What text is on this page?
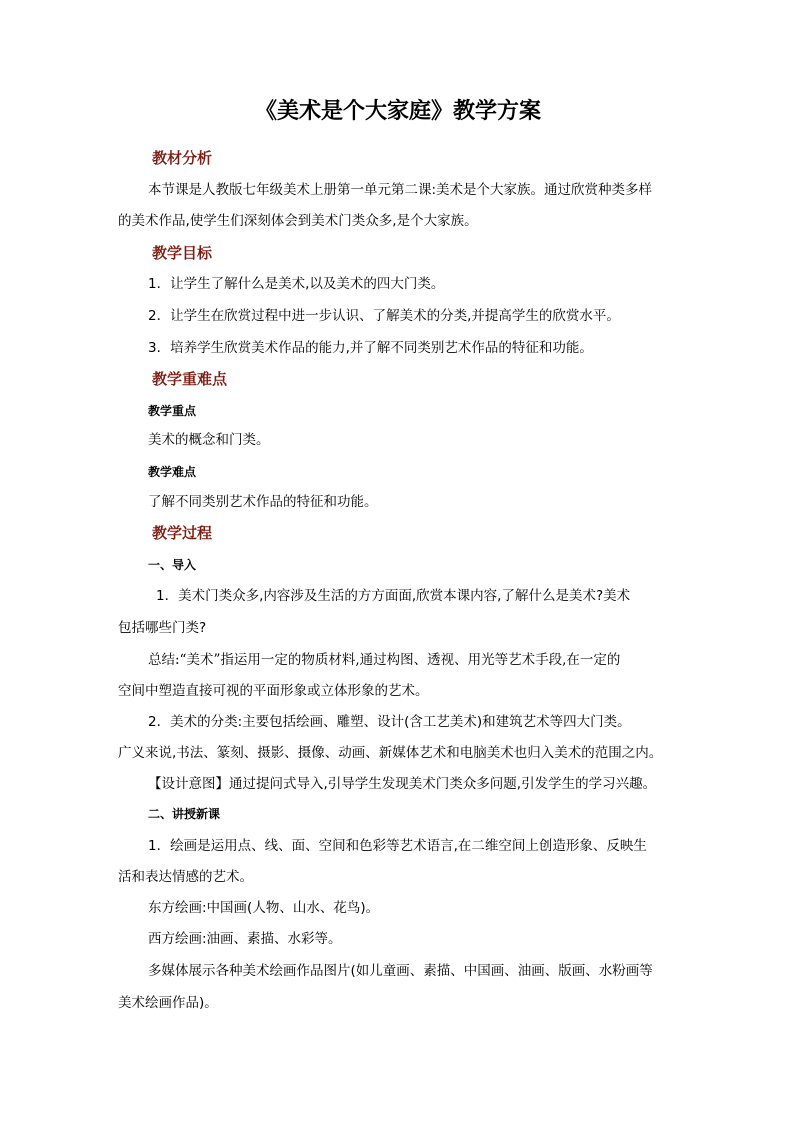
《美术是个大家庭》教学方案
教材分析
本节课是人教版七年级美术上册第一单元第二课:美术是个大家族。通过欣赏种类多样
的美术作品,使学生们深刻体会到美术门类众多,是个大家族。
教学目标
1．让学生了解什么是美术,以及美术的四大门类。
2．让学生在欣赏过程中进一步认识、了解美术的分类,并提高学生的欣赏水平。
3．培养学生欣赏美术作品的能力,并了解不同类别艺术作品的特征和功能。
教学重难点
教学重点
美术的概念和门类。
教学难点
了解不同类别艺术作品的特征和功能。
教学过程
一、导入
1．美术门类众多,内容涉及生活的方方面面,欣赏本课内容,了解什么是美术?美术
包括哪些门类?
总结:“美术”指运用一定的物质材料,通过构图、透视、用光等艺术手段,在一定的
空间中塑造直接可视的平面形象或立体形象的艺术。
2．美术的分类:主要包括绘画、雕塑、设计(含工艺美术)和建筑艺术等四大门类。
广义来说,书法、篆刻、摄影、摄像、动画、新媒体艺术和电脑美术也归入美术的范围之内。
【设计意图】通过提问式导入,引导学生发现美术门类众多问题,引发学生的学习兴趣。
二、讲授新课
1．绘画是运用点、线、面、空间和色彩等艺术语言,在二维空间上创造形象、反映生
活和表达情感的艺术。
东方绘画:中国画(人物、山水、花鸟)。
西方绘画:油画、素描、水彩等。
多媒体展示各种美术绘画作品图片(如儿童画、素描、中国画、油画、版画、水粉画等
美术绘画作品)。
